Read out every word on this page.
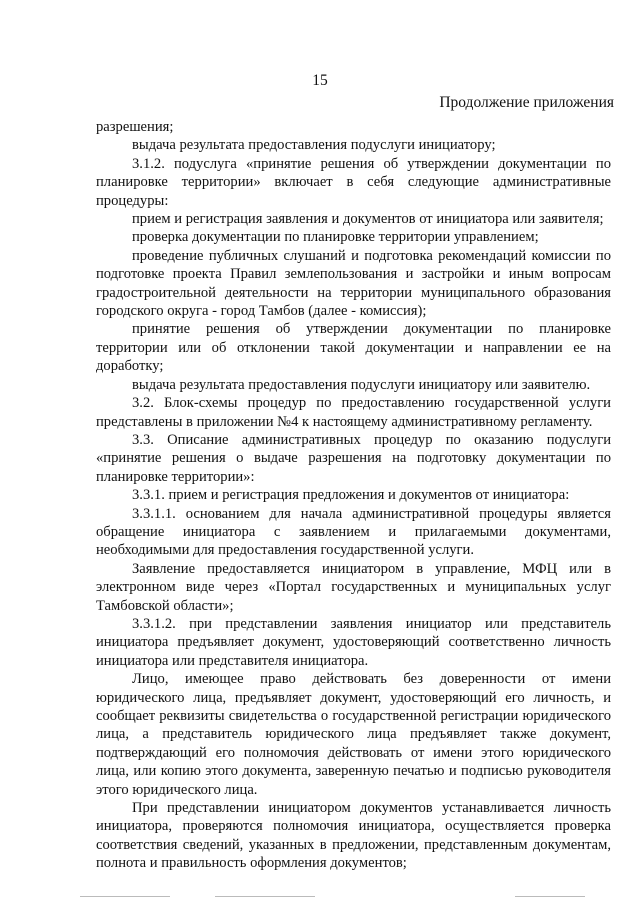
15
Продолжение приложения

разрешения;

выдача результата предоставления подуслуги инициатору;

3.1.2. подуслуга «принятие решения об утверждении документации по планировке территории» включает в себя следующие административные процедуры:

прием и регистрация заявления и документов от инициатора или заявителя;

проверка документации по планировке территории управлением;

проведение публичных слушаний и подготовка рекомендаций комиссии по подготовке проекта Правил землепользования и застройки и иным вопросам градостроительной деятельности на территории муниципального образования городского округа - город Тамбов (далее - комиссия);

принятие решения об утверждении документации по планировке территории или об отклонении такой документации и направлении ее на доработку;

выдача результата предоставления подуслуги инициатору или заявителю.

3.2. Блок-схемы процедур по предоставлению государственной услуги представлены в приложении №4 к настоящему административному регламенту.

3.3. Описание административных процедур по оказанию подуслуги «принятие решения о выдаче разрешения на подготовку документации по планировке территории»:

3.3.1. прием и регистрация предложения и документов от инициатора:

3.3.1.1. основанием для начала административной процедуры является обращение инициатора с заявлением и прилагаемыми документами, необходимыми для предоставления государственной услуги.

Заявление предоставляется инициатором в управление, МФЦ или в электронном виде через «Портал государственных и муниципальных услуг Тамбовской области»;

3.3.1.2. при представлении заявления инициатор или представитель инициатора предъявляет документ, удостоверяющий соответственно личность инициатора или представителя инициатора.

Лицо, имеющее право действовать без доверенности от имени юридического лица, предъявляет документ, удостоверяющий его личность, и сообщает реквизиты свидетельства о государственной регистрации юридического лица, а представитель юридического лица предъявляет также документ, подтверждающий его полномочия действовать от имени этого юридического лица, или копию этого документа, заверенную печатью и подписью руководителя этого юридического лица.

При представлении инициатором документов устанавливается личность инициатора, проверяются полномочия инициатора, осуществляется проверка соответствия сведений, указанных в предложении, представленным документам, полнота и правильность оформления документов;
